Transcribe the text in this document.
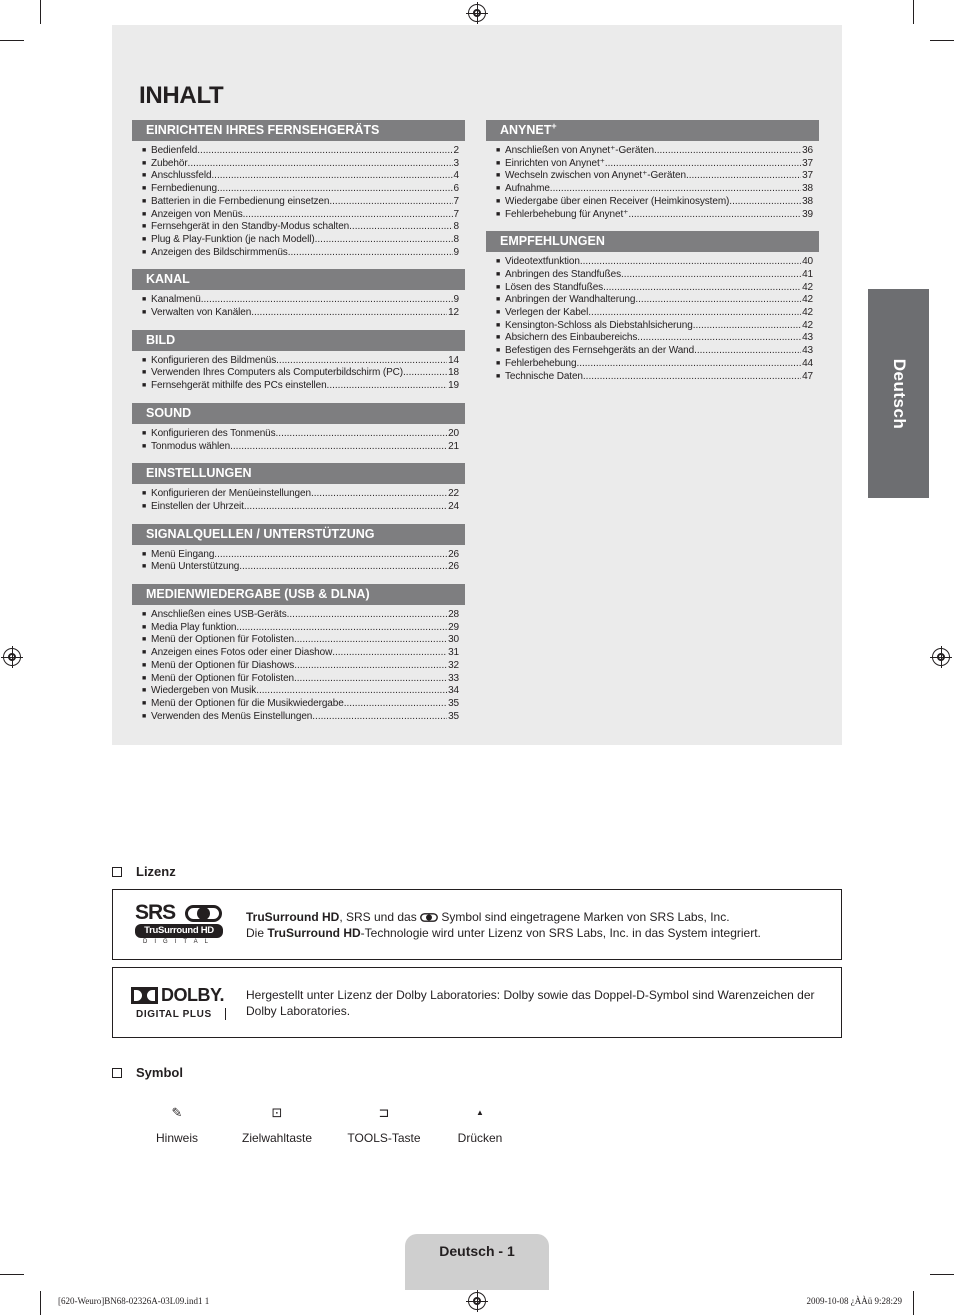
INHALT
EINRICHTEN IHRES FERNSEHGERÄTS
■ Bedienfeld .....	2
■ Zubehör .....	3
■ Anschlussfeld .....	4
■ Fernbedienung .....	6
■ Batterien in die Fernbedienung einsetzen .....	7
■ Anzeigen von Menüs .....	7
■ Fernsehgerät in den Standby-Modus schalten .....	8
■ Plug & Play-Funktion (je nach Modell) .....	8
■ Anzeigen des Bildschirmmenüs .....	9
KANAL
■ Kanalmenü .....	9
■ Verwalten von Kanälen .....	12
BILD
■ Konfigurieren des Bildmenüs .....	14
■ Verwenden Ihres Computers als Computerbildschirm (PC) .....	18
■ Fernsehgerät mithilfe des PCs einstellen .....	19
SOUND
■ Konfigurieren des Tonmenüs .....	20
■ Tonmodus wählen .....	21
EINSTELLUNGEN
■ Konfigurieren der Menüeinstellungen .....	22
■ Einstellen der Uhrzeit .....	24
SIGNALQUELLEN / UNTERSTÜTZUNG
■ Menü Eingang .....	26
■ Menü Unterstützung .....	26
MEDIENWIEDERGABE (USB & DLNA)
■ Anschließen eines USB-Geräts .....	28
■ Media Play funktion .....	29
■ Menü der Optionen für Fotolisten .....	30
■ Anzeigen eines Fotos oder einer Diashow .....	31
■ Menü der Optionen für Diashows .....	32
■ Menü der Optionen für Fotolisten .....	33
■ Wiedergeben von Musik .....	34
■ Menü der Optionen für die Musikwiedergabe .....	35
■ Verwenden des Menüs Einstellungen .....	35
ANYNET+
■ Anschließen von Anynet⁺-Geräten .....	36
■ Einrichten von Anynet⁺ .....	37
■ Wechseln zwischen von Anynet⁺-Geräten .....	37
■ Aufnahme .....	38
■ Wiedergabe über einen Receiver (Heimkinosystem) .....	38
■ Fehlerbehebung für Anynet⁺ .....	39
EMPFEHLUNGEN
■ Videotextfunktion .....	40
■ Anbringen des Standfußes .....	41
■ Lösen des Standfußes .....	42
■ Anbringen der Wandhalterung .....	42
■ Verlegen der Kabel .....	42
■ Kensington-Schloss als Diebstahlsicherung .....	42
■ Absichern des Einbaubereichs .....	43
■ Befestigen des Fernsehgeräts an der Wand .....	43
■ Fehlerbehebung .....	44
■ Technische Daten .....	47	Deutsch
Lizenz
SRS
TruSurround HD
DIGITAL
TruSurround HD, SRS und das Symbol sind eingetragene Marken von SRS Labs, Inc.
Die TruSurround HD-Technologie wird unter Lizenz von SRS Labs, Inc. in das System integriert.
DOLBY.
DIGITAL PLUS
Hergestellt unter Lizenz der Dolby Laboratories: Dolby sowie das Doppel-D-Symbol sind Warenzeichen der Dolby Laboratories.
Symbol
✎
Hinweis
⊡
Zielwahltaste
⊐
TOOLS-Taste
▲
Drücken
Deutsch - 1
[620-Weuro]BN68-02326A-03L09.ind1 1	2009-10-08 ¿ÀÀü 9:28:29
